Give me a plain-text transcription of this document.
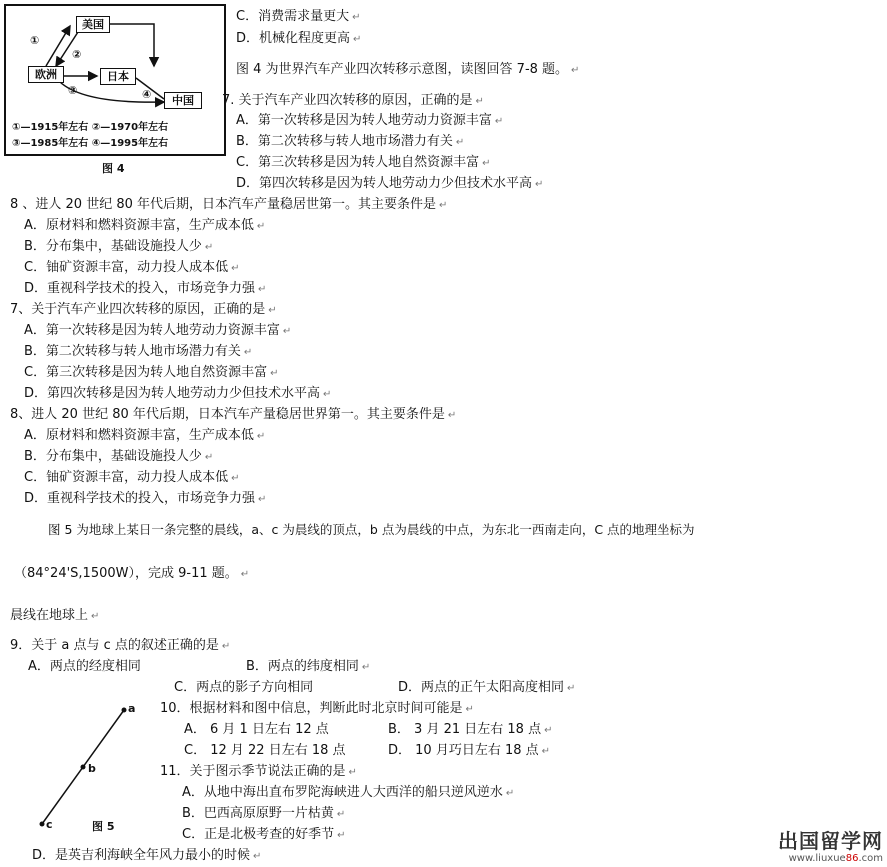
美国
欧洲	日本
中国
①
②
③	④
①—1915年左右 ②—1970年左右
③—1985年左右 ④—1995年左右
图 4
C．消费需求量更大 ↵
D．机械化程度更高 ↵
图 4 为世界汽车产业四次转移示意图，读图回答 7-8 题。 ↵
7. 关于汽车产业四次转移的原因，正确的是 ↵
A．第一次转移是因为转人地劳动力资源丰富 ↵
B．第二次转移与转人地市场潜力有关 ↵
C．第三次转移是因为转人地自然资源丰富 ↵
D．第四次转移是因为转人地劳动力少但技术水平高 ↵
8 、进人 20 世纪 80 年代后期，日本汽车产量稳居世第一。其主要条件是 ↵
A．原材料和燃料资源丰富，生产成本低 ↵
B．分布集中，基础设施投人少 ↵
C．铀矿资源丰富，动力投人成本低 ↵
D．重视科学技术的投入，市场竞争力强 ↵
7、关于汽车产业四次转移的原因，正确的是 ↵
A．第一次转移是因为转人地劳动力资源丰富 ↵
B．第二次转移与转人地市场潜力有关 ↵
C．第三次转移是因为转人地自然资源丰富 ↵
D．第四次转移是因为转人地劳动力少但技术水平高 ↵
8、进人 20 世纪 80 年代后期，日本汽车产量稳居世界第一。其主要条件是 ↵
A．原材料和燃料资源丰富，生产成本低 ↵
B．分布集中，基础设施投人少 ↵
C．铀矿资源丰富，动力投人成本低 ↵
D．重视科学技术的投入，市场竞争力强 ↵
图 5 为地球上某日一条完整的晨线，a、c 为晨线的顶点，b 点为晨线的中点，为东北一西南走向，C 点的地理坐标为
（84°24'S,1500W），完成 9-11 题。 ↵
晨线在地球上 ↵
9．关于 a 点与 c 点的叙述正确的是 ↵
A．两点的经度相同	B．两点的纬度相同 ↵
C．两点的影子方向相同	D．两点的正午太阳高度相同 ↵
10．根据材料和图中信息，判断此时北京时间可能是 ↵
A． 6 月 1 日左右 12 点	B． 3 月 21 日左右 18 点 ↵
C． 12 月 22 日左右 18 点	D． 10 月巧日左右 18 点 ↵
11．关于图示季节说法正确的是 ↵
A．从地中海出直布罗陀海峡进人大西洋的船只逆风逆水 ↵
B．巴西高原原野一片枯黄 ↵
C．正是北极考查的好季节 ↵
D．是英吉利海峡全年风力最小的时候 ↵
a
b
c	图 5
出国留学网
www.liuxue86.com
